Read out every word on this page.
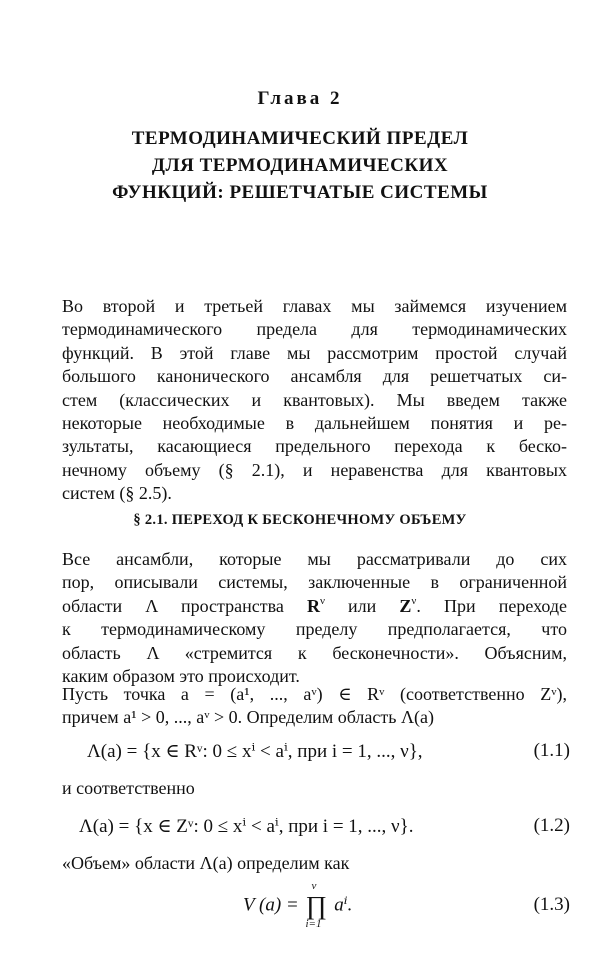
Глава 2
ТЕРМОДИНАМИЧЕСКИЙ ПРЕДЕЛ
ДЛЯ ТЕРМОДИНАМИЧЕСКИХ
ФУНКЦИЙ: РЕШЕТЧАТЫЕ СИСТЕМЫ
Во второй и третьей главах мы займемся изучением
термодинамического предела для термодинамических
функций. В этой главе мы рассмотрим простой случай
большого канонического ансамбля для решетчатых си-
стем (классических и квантовых). Мы введем также
некоторые необходимые в дальнейшем понятия и ре-
зультаты, касающиеся предельного перехода к беско-
нечному объему (§ 2.1), и неравенства для квантовых
систем (§ 2.5).
§ 2.1. ПЕРЕХОД К БЕСКОНЕЧНОМУ ОБЪЕМУ
Все ансамбли, которые мы рассматривали до сих
пор, описывали системы, заключенные в ограниченной
области Λ пространства $R^\nu$ или $Z^\nu$. При переходе
к термодинамическому пределу предполагается, что
область Λ «стремится к бесконечности». Объясним,
каким образом это происходит.
Пусть точка a = (a¹, ..., aᵛ) ∈ Rᵛ (соответственно Zᵛ),
причем a¹ > 0, ..., aᵛ > 0. Определим область Λ(a)
Λ(a) = {x ∈ Rᵛ: 0 ≤ xⁱ < aⁱ, при i = 1, ..., ν},	(1.1)
и соответственно
Λ(a) = {x ∈ Zᵛ: 0 ≤ xⁱ < aⁱ, при i = 1, ..., ν}.	(1.2)
«Объем» области Λ(a) определим как
V (a) =
ν
∏
i=1
aⁱ.	(1.3)
